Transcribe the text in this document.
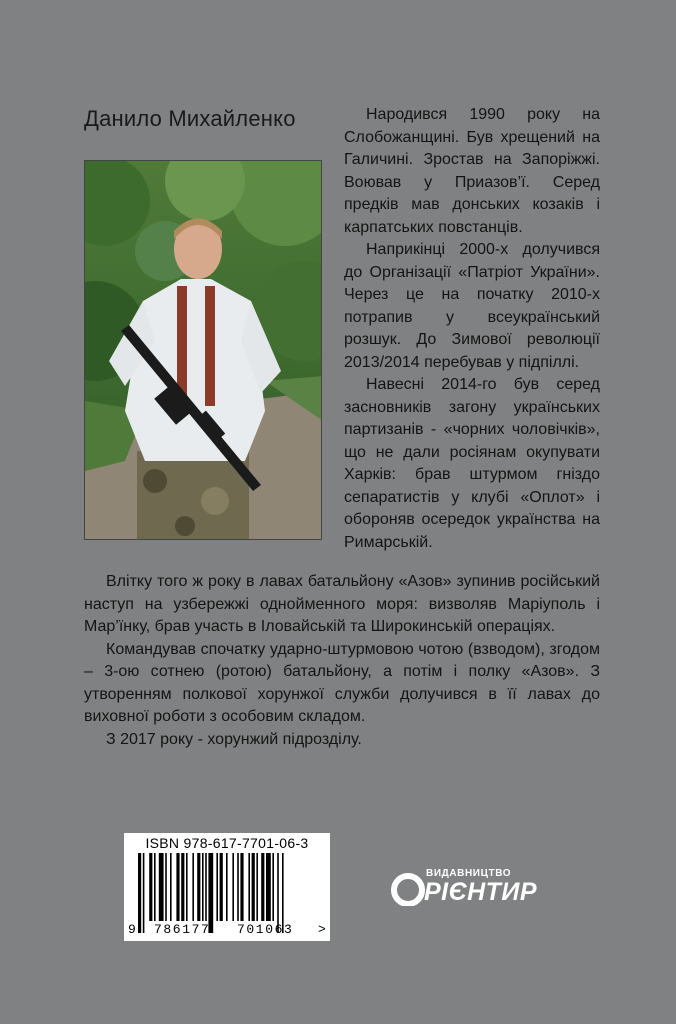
Данило Михайленко	Народився 1990 року на Слобожанщині. Був хрещений на Галичині. Зростав на Запоріжжі. Воював у Приазов’ї. Серед предків мав донських козаків і карпатських повстанців.

Наприкінці 2000-х долучився до Організації «Патріот України». Через це на початку 2010-х потрапив у всеукраїнський розшук. До Зимової революції 2013/2014 перебував у підпіллі.

Навесні 2014-го був серед засновників загону українських партизанів - «чорних чоловічків», що не дали росіянам окупувати Харків: брав штурмом гніздо сепаратистів у клубі «Оплот» і обороняв осередок українства на Римарській.

Влітку того ж року в лавах батальйону «Азов» зупинив російський наступ на узбережжі однойменного моря: визволяв Маріуполь і Мар’їнку, брав участь в Іловайській та Широкинській операціях.

Командував спочатку ударно-штурмовою чотою (взводом), згодом – 3-ою сотнею (ротою) батальйону, а потім і полку «Азов». З утворенням полкової хорунжої служби долучився в її лавах до виховної роботи з особовим складом.

З 2017 року - хорунжий підрозділу.

ISBN 978-617-7701-06-3
9 786177 701063 >
ВИДАВНИЦТВО
РІЄНТИР
